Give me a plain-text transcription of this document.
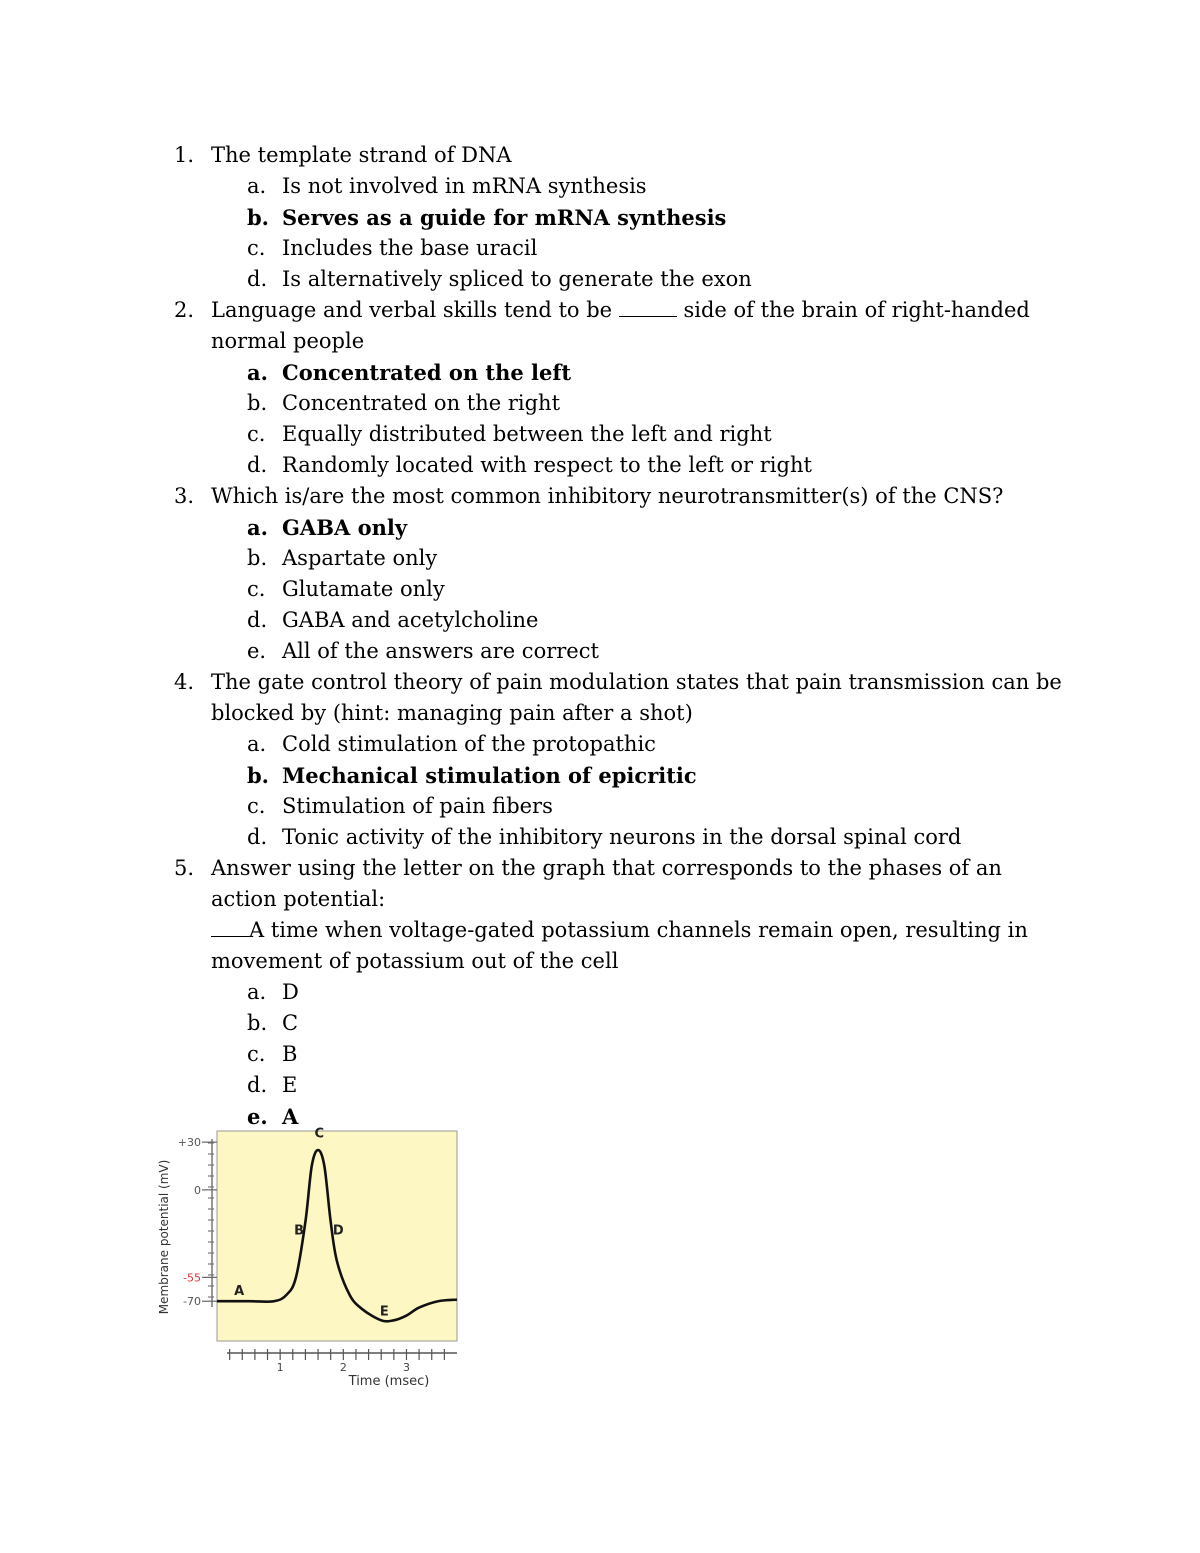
1. The template strand of DNA
a. Is not involved in mRNA synthesis
b. Serves as a guide for mRNA synthesis
c. Includes the base uracil
d. Is alternatively spliced to generate the exon
2. Language and verbal skills tend to be	side of the brain of right-handed normal people
a. Concentrated on the left
b. Concentrated on the right
c. Equally distributed between the left and right
d. Randomly located with respect to the left or right
3. Which is/are the most common inhibitory neurotransmitter(s) of the CNS?
a. GABA only
b. Aspartate only
c. Glutamate only
d. GABA and acetylcholine
e. All of the answers are correct
4. The gate control theory of pain modulation states that pain transmission can be blocked by (hint: managing pain after a shot)
a. Cold stimulation of the protopathic
b. Mechanical stimulation of epicritic
c. Stimulation of pain fibers
d. Tonic activity of the inhibitory neurons in the dorsal spinal cord
5. Answer using the letter on the graph that corresponds to the phases of an action potential:
A time when voltage-gated potassium channels remain open, resulting in movement of potassium out of the cell
a. D
b. C
c. B
d. E
e. A
+30
0
-55
-70
1	2	3
A
B
C
D
E
Membrane potential (mV)
Time (msec)
